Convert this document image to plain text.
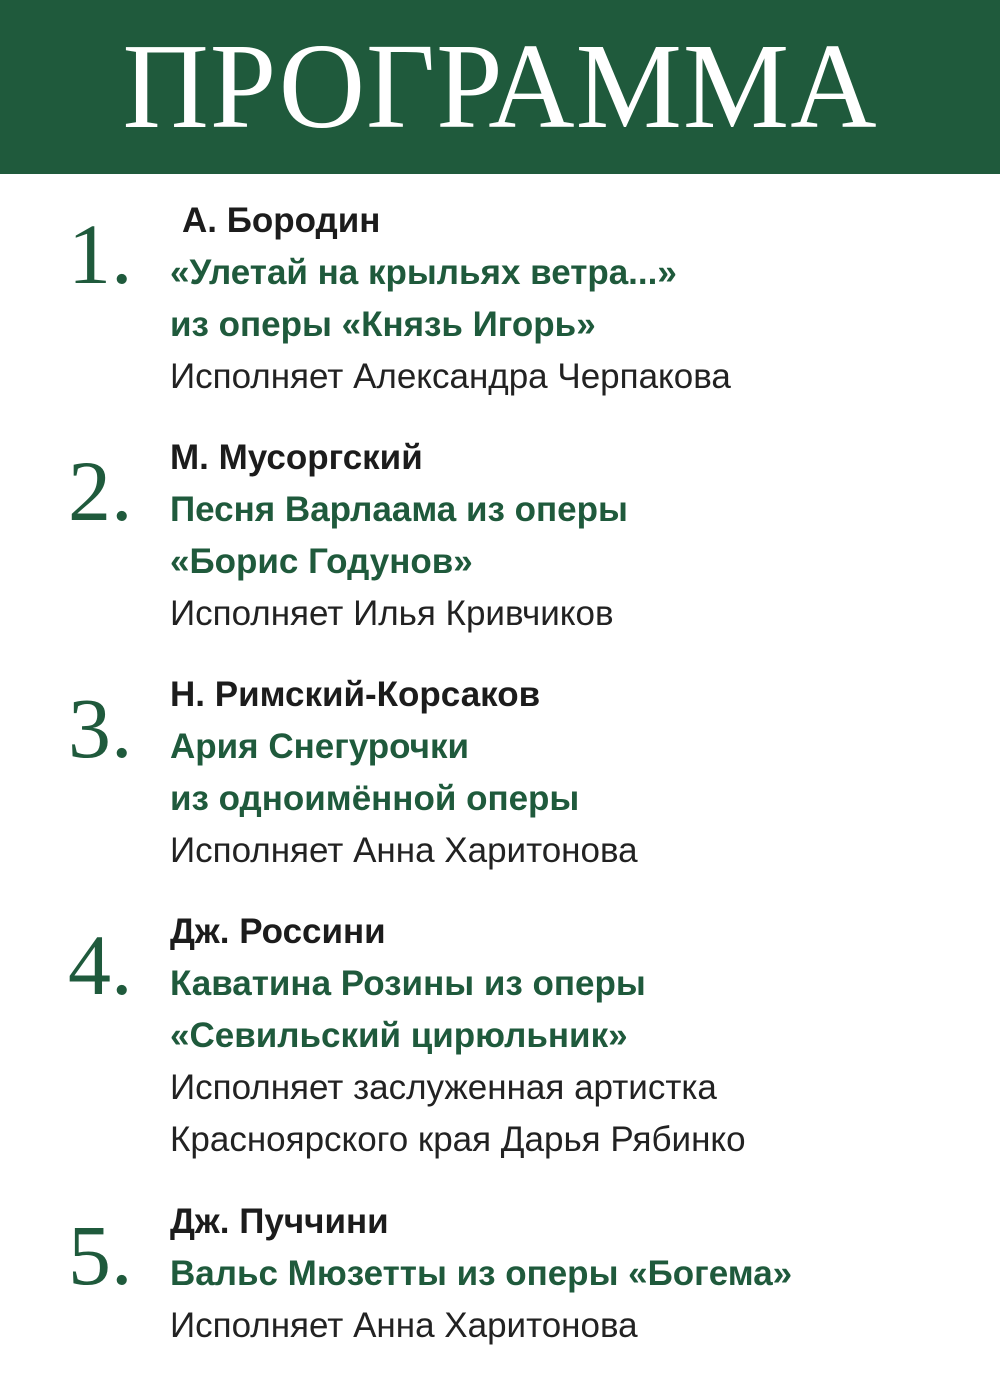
ПРОГРАММА
1.	А. Бородин
«Улетай на крыльях ветра...»
из оперы «Князь Игорь»
Исполняет Александра Черпакова
2.	М. Мусоргский
Песня Варлаама из оперы
«Борис Годунов»
Исполняет Илья Кривчиков
3.	Н. Римский-Корсаков
Ария Снегурочки
из одноимённой оперы
Исполняет Анна Харитонова
4.	Дж. Россини
Каватина Розины из оперы
«Севильский цирюльник»
Исполняет заслуженная артистка
Красноярского края Дарья Рябинко
5.	Дж. Пуччини
Вальс Мюзетты из оперы «Богема»
Исполняет Анна Харитонова
